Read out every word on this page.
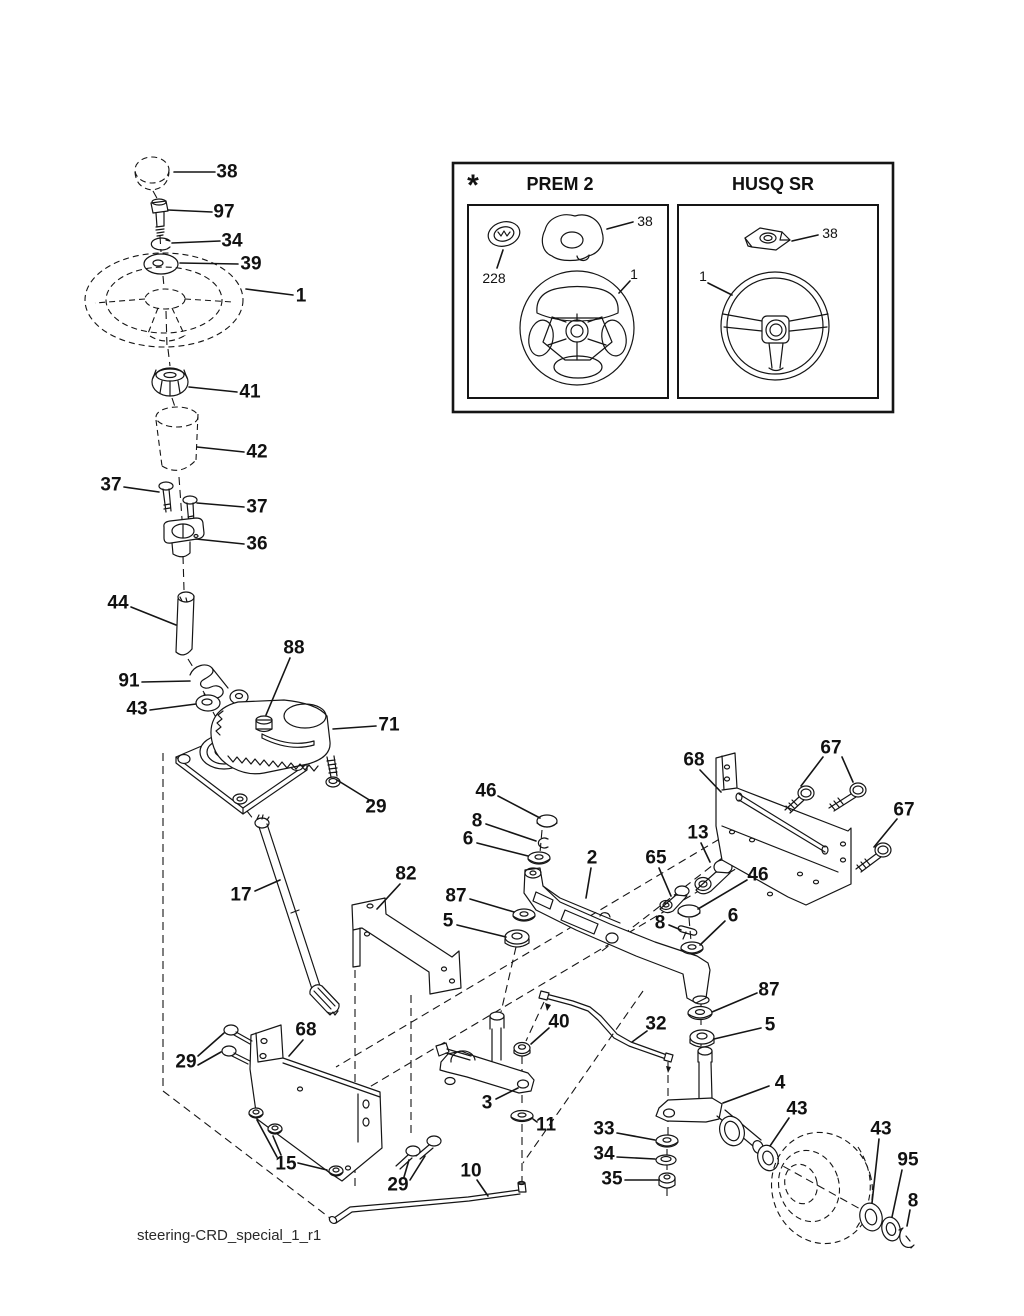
*	PREM 2	HUSQ SR
steering-CRD_special_1_r1
38
97
34
39
1
41
42
37
37
36
44
91
43
88
71
29
17
82
46
8
6
2	65
13
46
8	6
87
5
68
67
67
87
5
4
43
43
95
8
32
40
3
11 33
34
35
10
29
68
15
29
228
38
1
38
1
